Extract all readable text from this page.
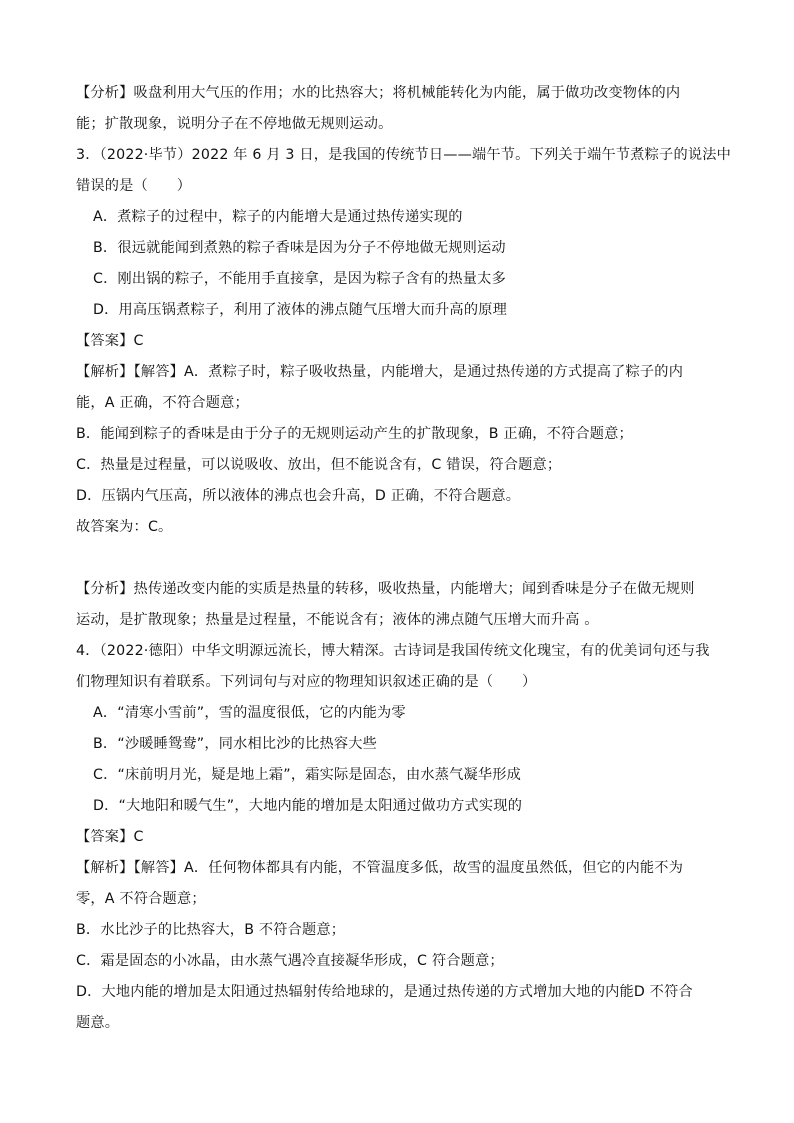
【分析】吸盘利用大气压的作用；水的比热容大；将机械能转化为内能，属于做功改变物体的内
能；扩散现象，说明分子在不停地做无规则运动。
3．（2022·毕节）2022 年 6 月 3 日，是我国的传统节日——端午节。下列关于端午节煮粽子的说法中
错误的是（　　）
A．煮粽子的过程中，粽子的内能增大是通过热传递实现的
B．很远就能闻到煮熟的粽子香味是因为分子不停地做无规则运动
C．刚出锅的粽子，不能用手直接拿，是因为粽子含有的热量太多
D．用高压锅煮粽子，利用了液体的沸点随气压增大而升高的原理
【答案】C
【解析】【解答】A．煮粽子时，粽子吸收热量，内能增大，是通过热传递的方式提高了粽子的内
能，A 正确，不符合题意；
B．能闻到粽子的香味是由于分子的无规则运动产生的扩散现象，B 正确，不符合题意；
C．热量是过程量，可以说吸收、放出，但不能说含有，C 错误，符合题意；
D．压锅内气压高，所以液体的沸点也会升高，D 正确，不符合题意。
故答案为：C。
【分析】热传递改变内能的实质是热量的转移，吸收热量，内能增大；闻到香味是分子在做无规则
运动，是扩散现象；热量是过程量，不能说含有；液体的沸点随气压增大而升高 。
4．（2022·德阳）中华文明源远流长，博大精深。古诗词是我国传统文化瑰宝，有的优美词句还与我
们物理知识有着联系。下列词句与对应的物理知识叙述正确的是（　　）
A．“清寒小雪前”，雪的温度很低，它的内能为零
B．“沙暖睡鸳鸯”，同水相比沙的比热容大些
C．“床前明月光，疑是地上霜”，霜实际是固态，由水蒸气凝华形成
D．“大地阳和暖气生”，大地内能的增加是太阳通过做功方式实现的
【答案】C
【解析】【解答】A．任何物体都具有内能，不管温度多低，故雪的温度虽然低，但它的内能不为
零，A 不符合题意；
B．水比沙子的比热容大，B 不符合题意；
C．霜是固态的小冰晶，由水蒸气遇冷直接凝华形成，C 符合题意；
D．大地内能的增加是太阳通过热辐射传给地球的，是通过热传递的方式增加大地的内能D 不符合
题意。
